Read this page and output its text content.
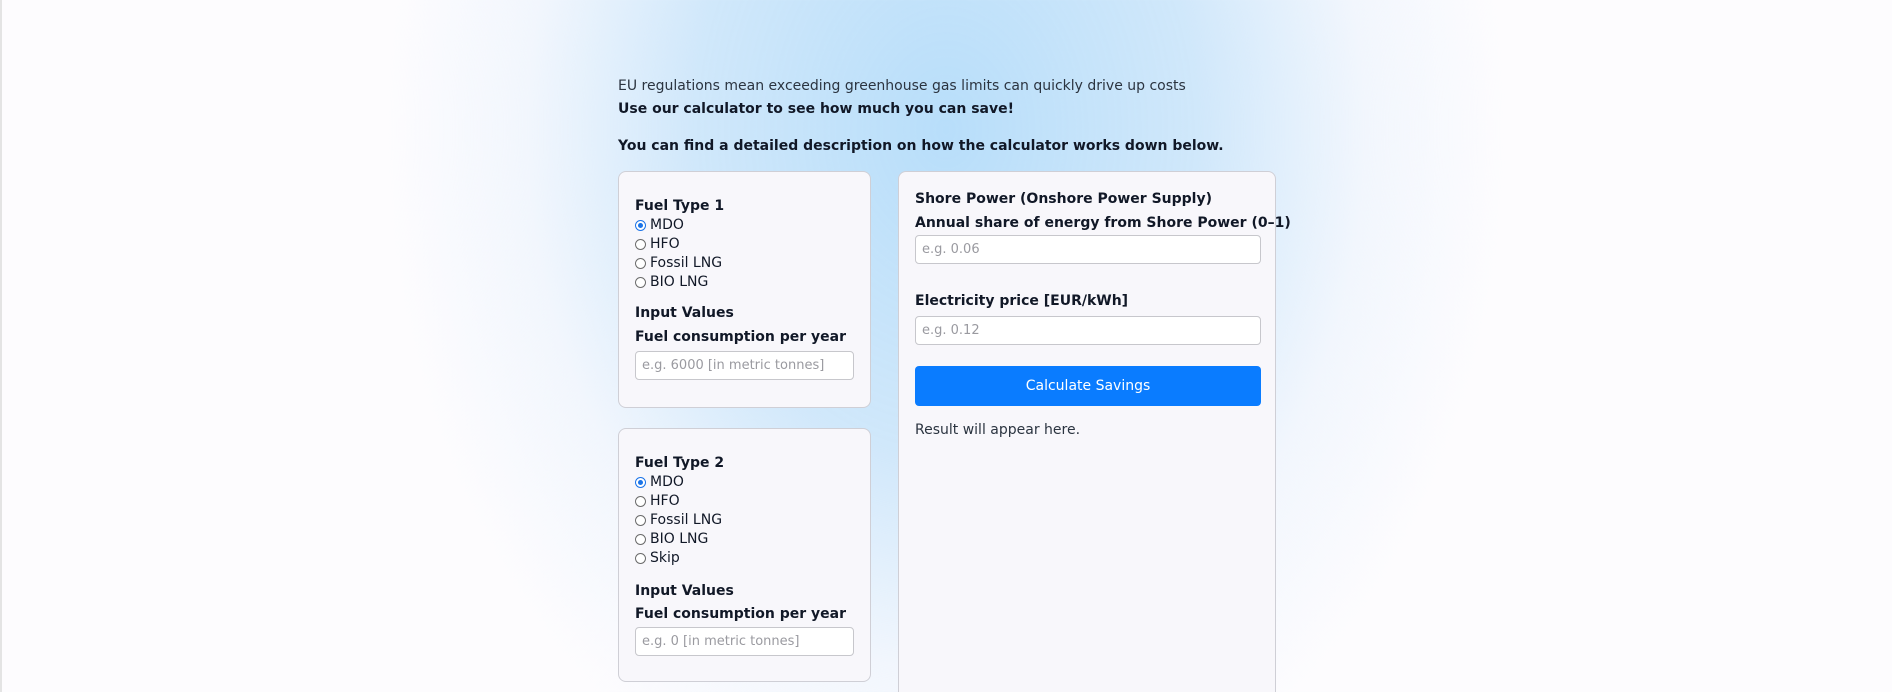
EU regulations mean exceeding greenhouse gas limits can quickly drive up costs
Use our calculator to see how much you can save!
You can find a detailed description on how the calculator works down below.
Fuel Type 1
MDO
HFO
Fossil LNG
BIO LNG
Input Values
Fuel consumption per year
e.g. 6000 [in metric tonnes]
Fuel Type 2
MDO
HFO
Fossil LNG
BIO LNG
Skip
Input Values
Fuel consumption per year
e.g. 0 [in metric tonnes]
Shore Power (Onshore Power Supply)
Annual share of energy from Shore Power (0–1)
e.g. 0.06
Electricity price [EUR/kWh]
e.g. 0.12
Calculate Savings
Result will appear here.
